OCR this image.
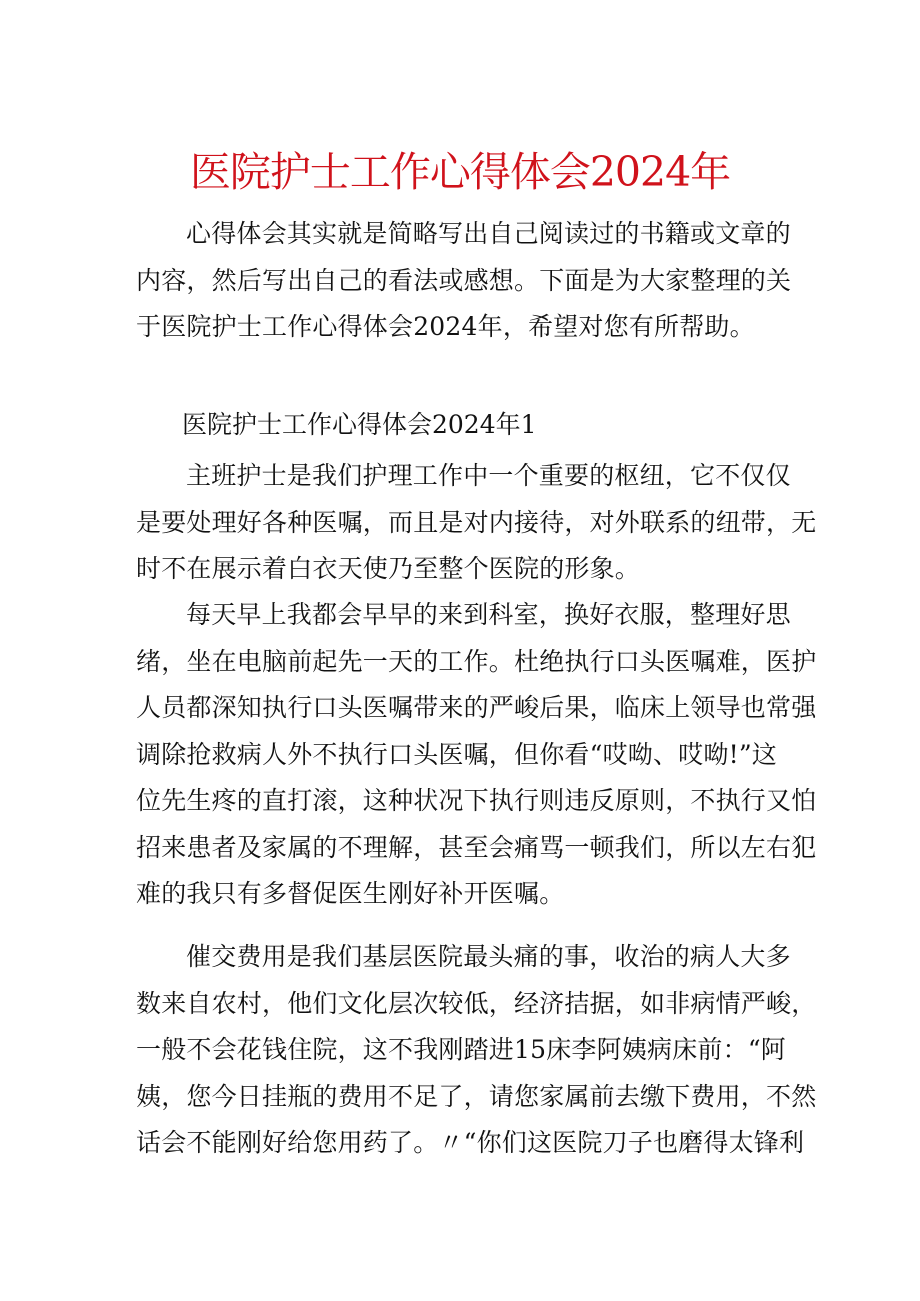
医院护士工作心得体会2024年
心得体会其实就是简略写出自己阅读过的书籍或文章的
内容，然后写出自己的看法或感想。下面是为大家整理的关
于医院护士工作心得体会2024年，希望对您有所帮助。
医院护士工作心得体会2024年1
主班护士是我们护理工作中一个重要的枢纽，它不仅仅
是要处理好各种医嘱，而且是对内接待，对外联系的纽带，无
时不在展示着白衣天使乃至整个医院的形象。
每天早上我都会早早的来到科室，换好衣服，整理好思
绪，坐在电脑前起先一天的工作。杜绝执行口头医嘱难，医护
人员都深知执行口头医嘱带来的严峻后果，临床上领导也常强
调除抢救病人外不执行口头医嘱，但你看“哎呦、哎呦!”这
位先生疼的直打滚，这种状况下执行则违反原则，不执行又怕
招来患者及家属的不理解，甚至会痛骂一顿我们，所以左右犯
难的我只有多督促医生刚好补开医嘱。
催交费用是我们基层医院最头痛的事，收治的病人大多
数来自农村，他们文化层次较低，经济拮据，如非病情严峻，
一般不会花钱住院，这不我刚踏进15床李阿姨病床前：“阿
姨，您今日挂瓶的费用不足了，请您家属前去缴下费用，不然
话会不能刚好给您用药了。〃“你们这医院刀子也磨得太锋利
